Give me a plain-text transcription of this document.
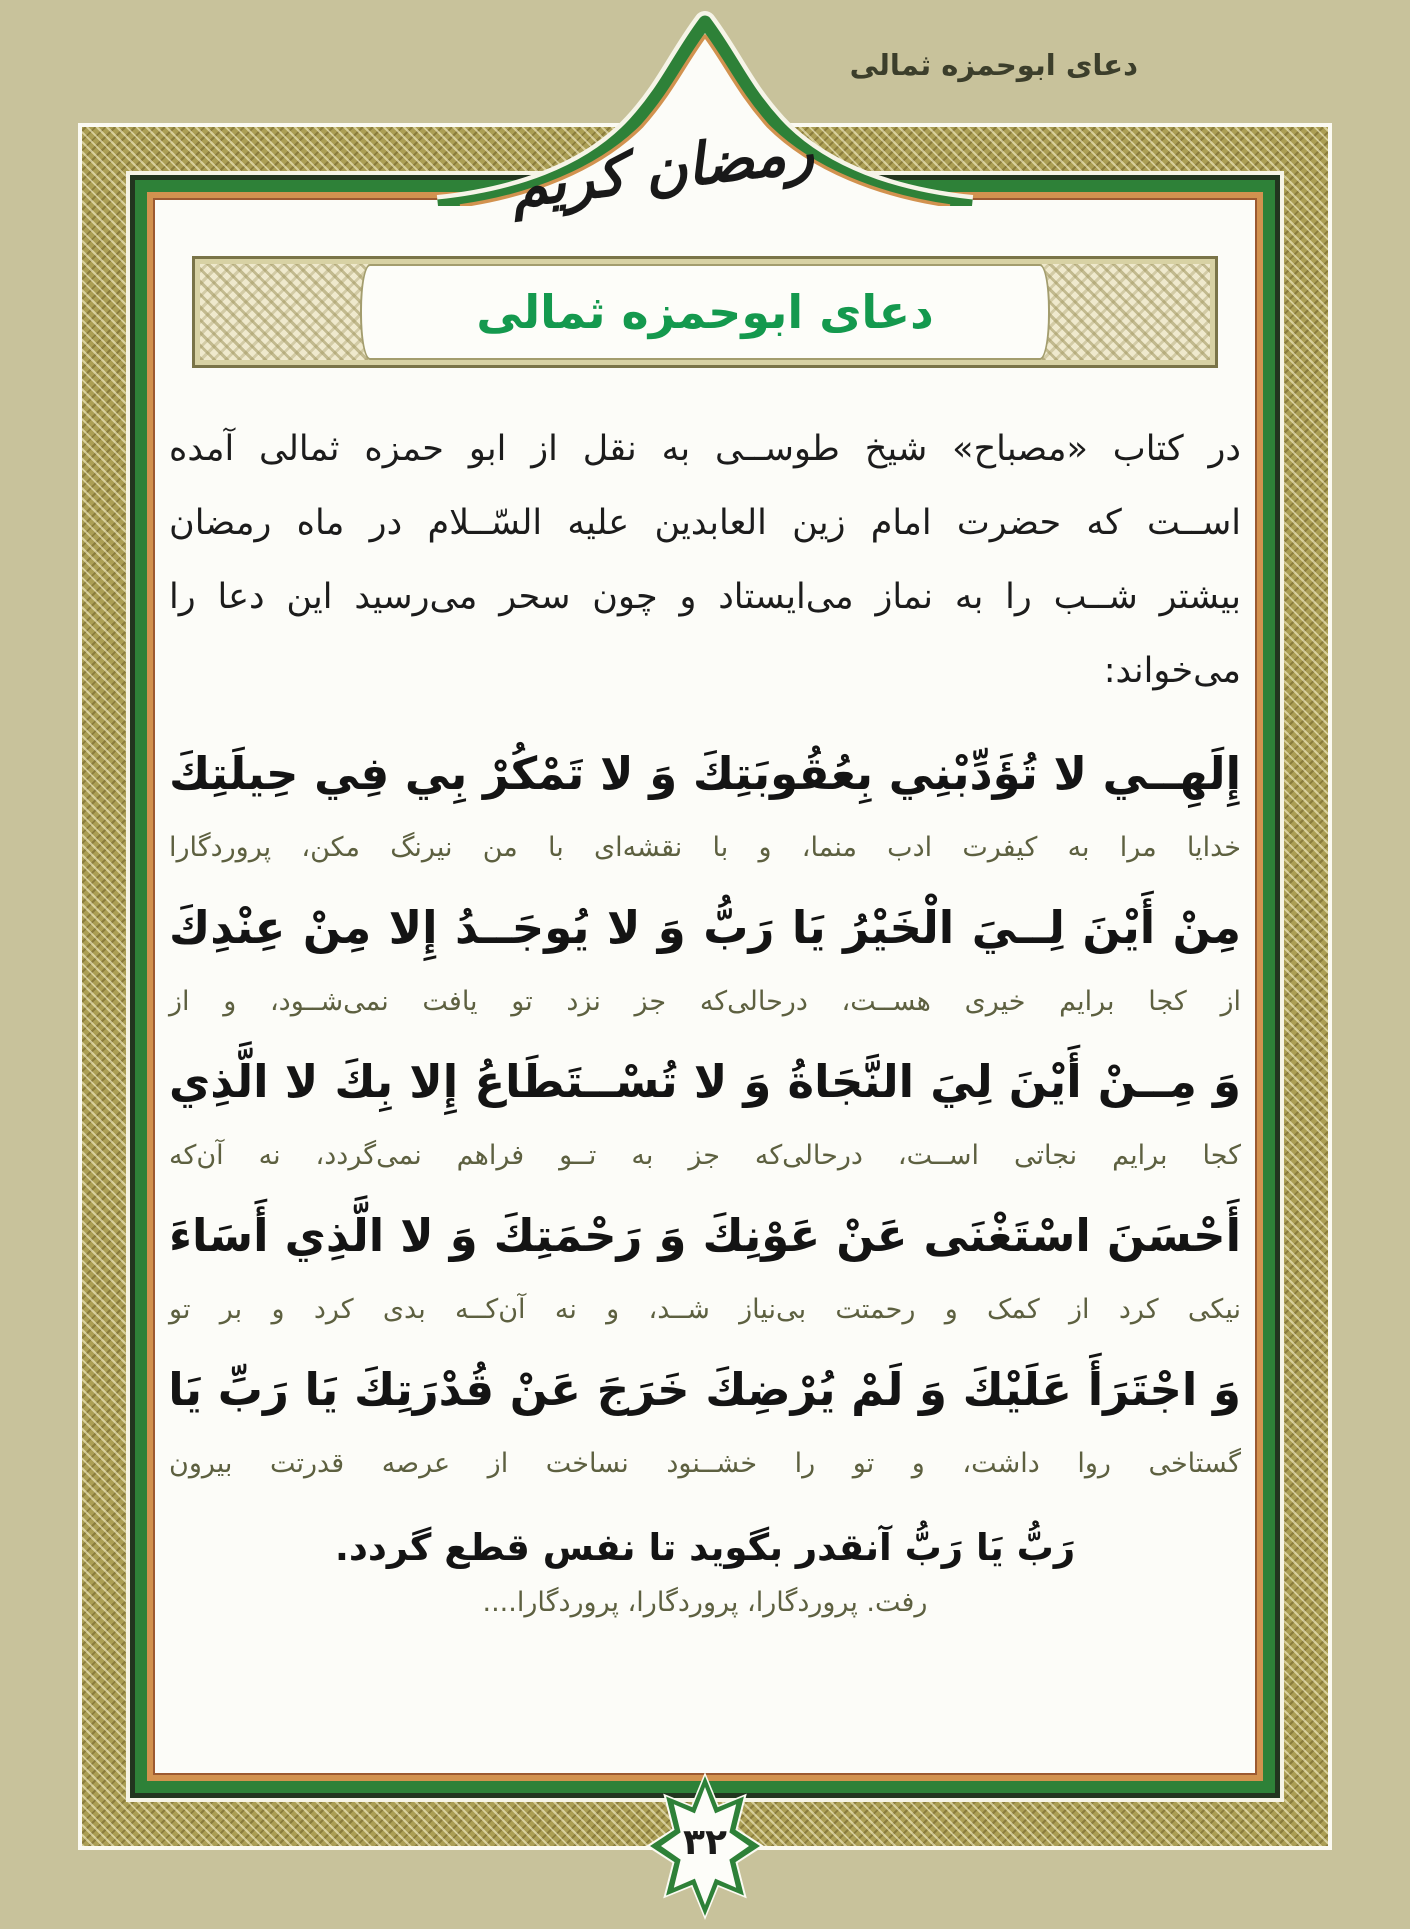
دعای ابوحمزه ثمالی
دعای ابوحمزه ثمالی
در کتاب «مصباح» شیخ طوســی به نقل از ابو حمزه ثمالی آمده
اســت که حضرت امام زین العابدین علیه السّــلام در ماه رمضان
بیشتر شــب را به نماز می‌ایستاد و چون سحر می‌رسید این دعا را
می‌خواند:
إِلَهِــي لا تُؤَدِّبْنِي بِعُقُوبَتِكَ وَ لا تَمْكُرْ بِي فِي حِيلَتِكَ
خدایا مرا به کیفرت ادب منما، و با نقشه‌ای با من نیرنگ مکن، پروردگارا
مِنْ أَيْنَ لِــيَ الْخَيْرُ يَا رَبُّ وَ لا يُوجَــدُ إِلا مِنْ عِنْدِكَ
از کجا برایم خیری هســت، درحالی‌که جز نزد تو یافت نمی‌شــود، و از
وَ مِــنْ أَيْنَ لِيَ النَّجَاةُ وَ لا تُسْــتَطَاعُ إِلا بِكَ لا الَّذِي
کجا برایم نجاتی اســت، درحالی‌که جز به تــو فراهم نمی‌گردد، نه آن‌که
أَحْسَنَ اسْتَغْنَى عَنْ عَوْنِكَ وَ رَحْمَتِكَ وَ لا الَّذِي أَسَاءَ
نیکی کرد از کمک و رحمتت بی‌نیاز شــد، و نه آن‌کــه بدی کرد و بر تو
وَ اجْتَرَأَ عَلَيْكَ وَ لَمْ يُرْضِكَ خَرَجَ عَنْ قُدْرَتِكَ يَا رَبِّ يَا
گستاخی روا داشت، و تو را خشــنود نساخت از عرصه قدرتت بیرون
رَبُّ يَا رَبُّ آنقدر بگوید تا نفس قطع گردد.
رفت. پروردگارا، پروردگارا، پروردگارا....
رمضان کریم
۳۲
